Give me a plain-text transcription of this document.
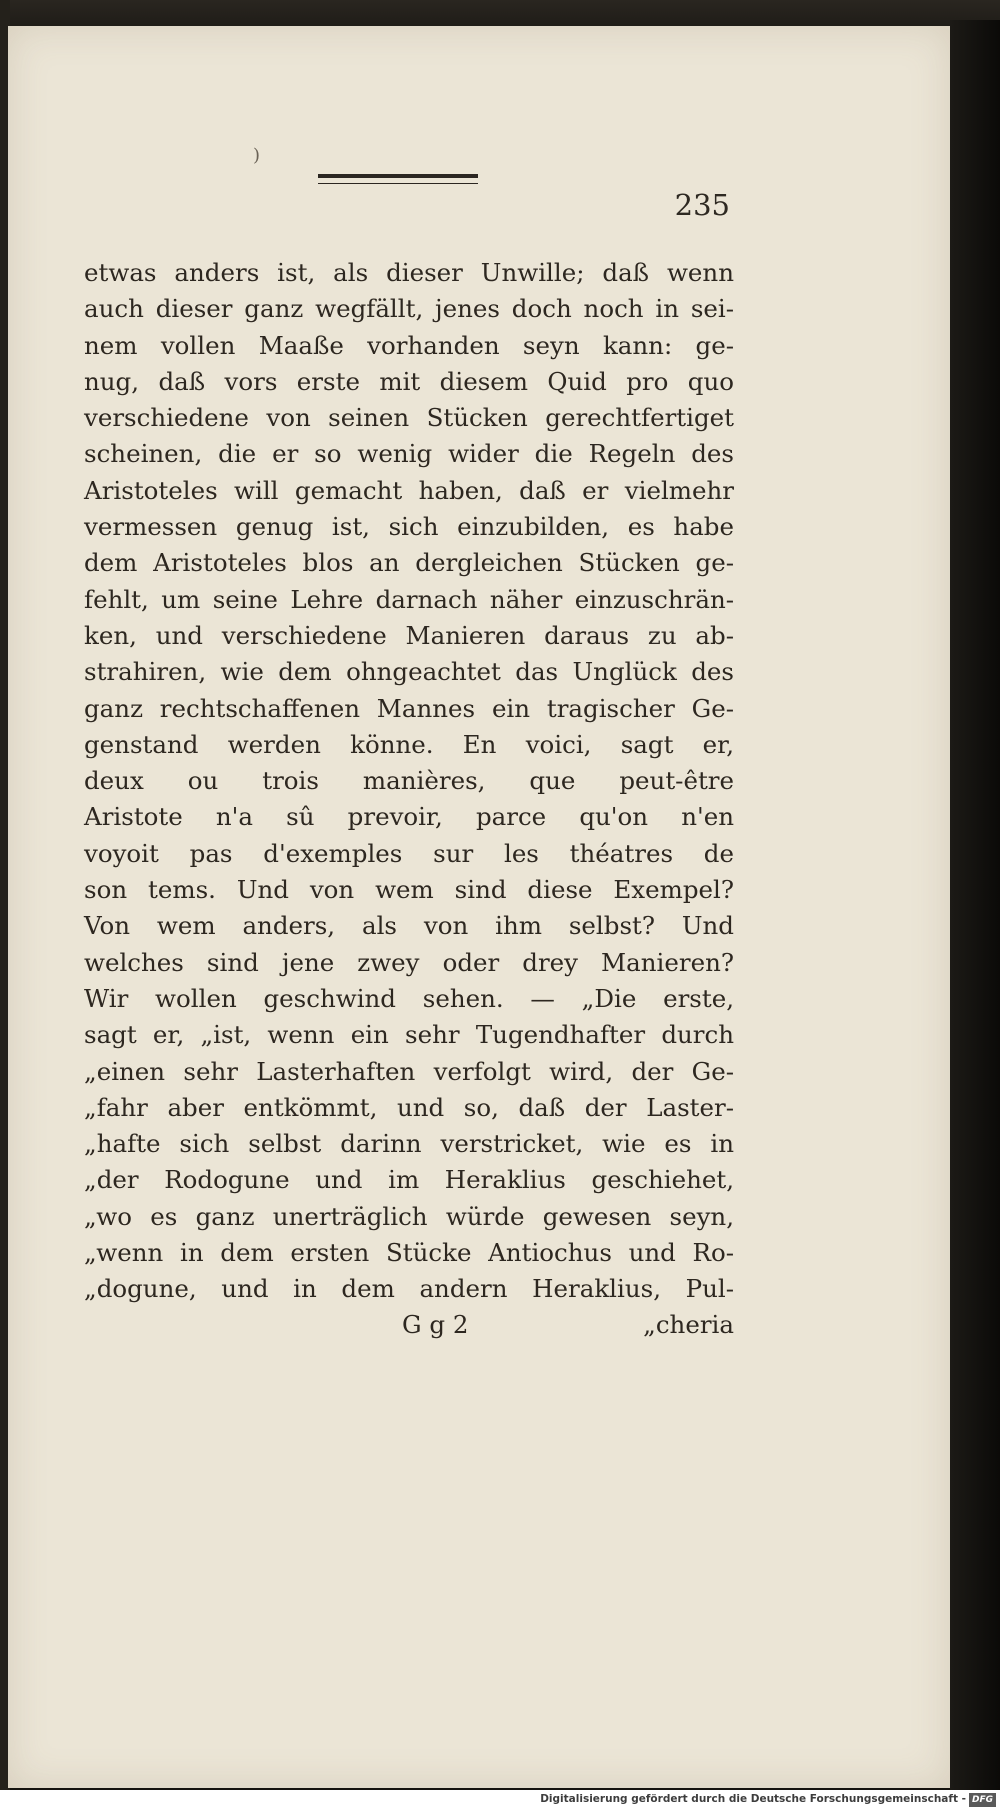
)
235
etwas anders ist, als dieser Unwille; daß wenn
auch dieser ganz wegfällt, jenes doch noch in sei-
nem vollen Maaße vorhanden seyn kann: ge-
nug, daß vors erste mit diesem Quid pro quo
verschiedene von seinen Stücken gerechtfertiget
scheinen, die er so wenig wider die Regeln des
Aristoteles will gemacht haben, daß er vielmehr
vermessen genug ist, sich einzubilden, es habe
dem Aristoteles blos an dergleichen Stücken ge-
fehlt, um seine Lehre darnach näher einzuschrän-
ken, und verschiedene Manieren daraus zu ab-
strahiren, wie dem ohngeachtet das Unglück des
ganz rechtschaffenen Mannes ein tragischer Ge-
genstand werden könne. En voici, sagt er,
deux ou trois manières, que peut-être
Aristote n'a sû prevoir, parce qu'on n'en
voyoit pas d'exemples sur les théatres de
son tems. Und von wem sind diese Exempel?
Von wem anders, als von ihm selbst? Und
welches sind jene zwey oder drey Manieren?
Wir wollen geschwind sehen. — „Die erste,
sagt er, „ist, wenn ein sehr Tugendhafter durch
„einen sehr Lasterhaften verfolgt wird, der Ge-
„fahr aber entkömmt, und so, daß der Laster-
„hafte sich selbst darinn verstricket, wie es in
„der Rodogune und im Heraklius geschiehet,
„wo es ganz unerträglich würde gewesen seyn,
„wenn in dem ersten Stücke Antiochus und Ro-
„dogune, und in dem andern Heraklius, Pul-
G g 2	„cheria
Digitalisierung gefördert durch die Deutsche Forschungsgemeinschaft - DFG
